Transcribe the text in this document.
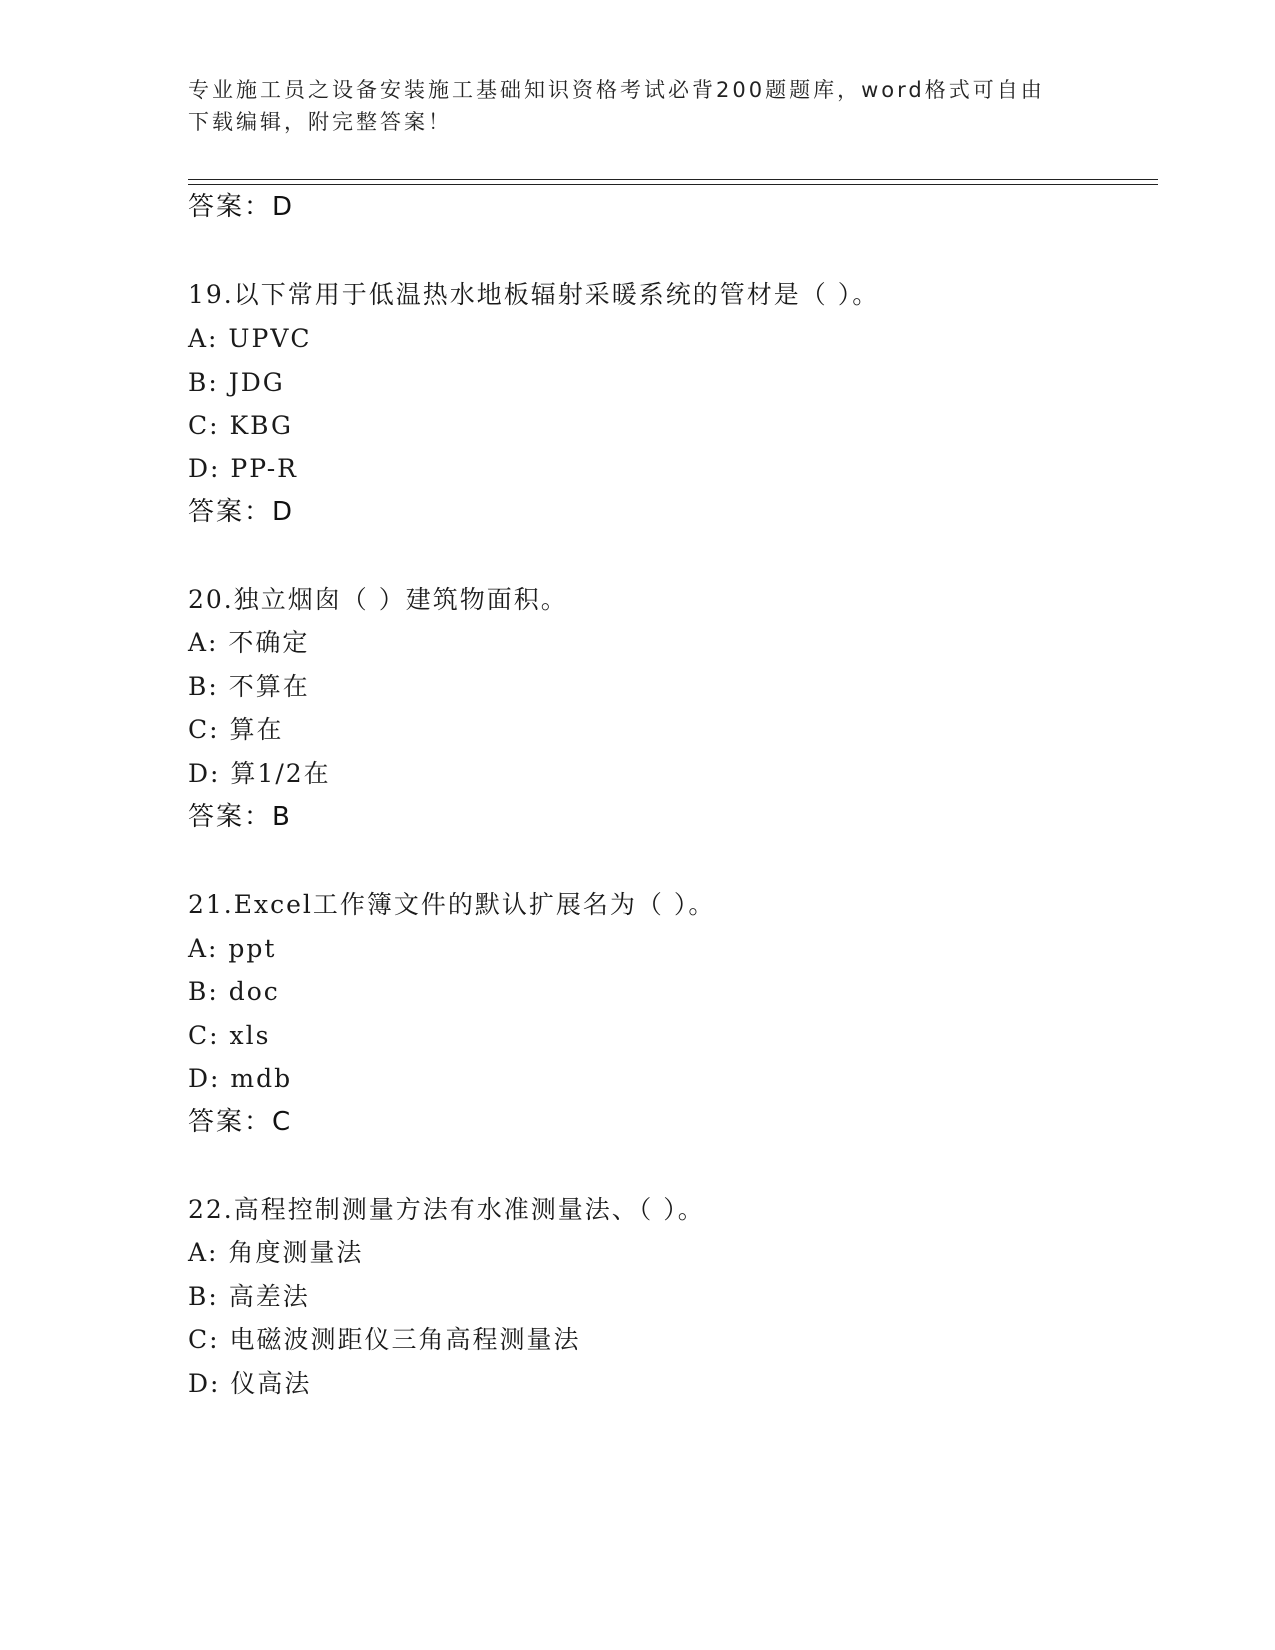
专业施工员之设备安装施工基础知识资格考试必背200题题库，word格式可自由
下载编辑，附完整答案！
答案：D
19.以下常用于低温热水地板辐射采暖系统的管材是（ ）。
A: UPVC
B: JDG
C: KBG
D: PP-R
答案：D
20.独立烟囱（ ）建筑物面积。
A: 不确定
B: 不算在
C: 算在
D: 算1/2在
答案：B
21.Excel工作簿文件的默认扩展名为（ ）。
A: ppt
B: doc
C: xls
D: mdb
答案：C
22.高程控制测量方法有水准测量法、（ ）。
A: 角度测量法
B: 高差法
C: 电磁波测距仪三角高程测量法
D: 仪高法
